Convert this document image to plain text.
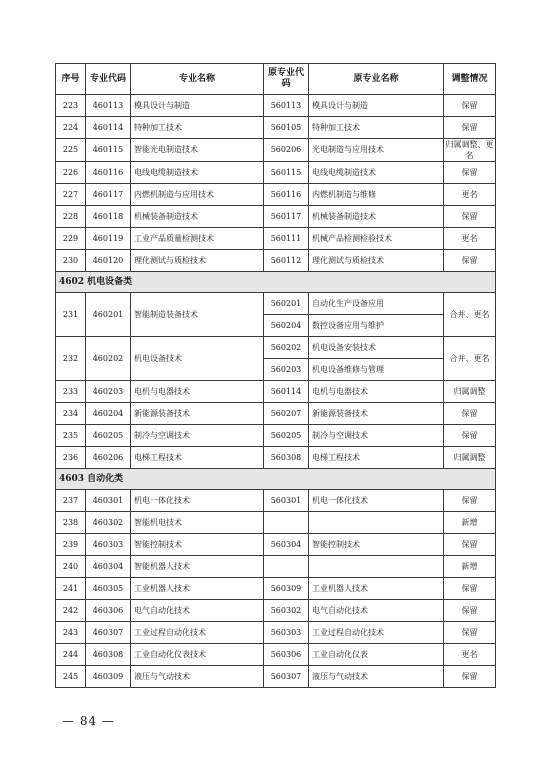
序号	专业代码	专业名称	原专业代码	原专业名称	调整情况
223	460113	模具设计与制造	560113	模具设计与制造	保留
224	460114	特种加工技术	560105	特种加工技术	保留
225	460115	智能光电制造技术	560206	光电制造与应用技术	归属调整、更名
226	460116	电线电缆制造技术	560115	电线电缆制造技术	保留
227	460117	内燃机制造与应用技术	560116	内燃机制造与维修	更名
228	460118	机械装备制造技术	560117	机械装备制造技术	保留
229	460119	工业产品质量检测技术	560111	机械产品检测检验技术	更名
230	460120	理化测试与质检技术	560112	理化测试与质检技术	保留
4602 机电设备类					
231	460201	智能制造装备技术	560201	自动化生产设备应用	合并、更名
			560204	数控设备应用与维护	
232	460202	机电设备技术	560202	机电设备安装技术	合并、更名
			560203	机电设备维修与管理	
233	460203	电机与电器技术	560114	电机与电器技术	归属调整
234	460204	新能源装备技术	560207	新能源装备技术	保留
235	460205	制冷与空调技术	560205	制冷与空调技术	保留
236	460206	电梯工程技术	560308	电梯工程技术	归属调整
4603 自动化类					
237	460301	机电一体化技术	560301	机电一体化技术	保留
238	460302	智能机电技术			新增
239	460303	智能控制技术	560304	智能控制技术	保留
240	460304	智能机器人技术			新增
241	460305	工业机器人技术	560309	工业机器人技术	保留
242	460306	电气自动化技术	560302	电气自动化技术	保留
243	460307	工业过程自动化技术	560303	工业过程自动化技术	保留
244	460308	工业自动化仪表技术	560306	工业自动化仪表	更名
245	460309	液压与气动技术	560307	液压与气动技术	保留
— 84 —
